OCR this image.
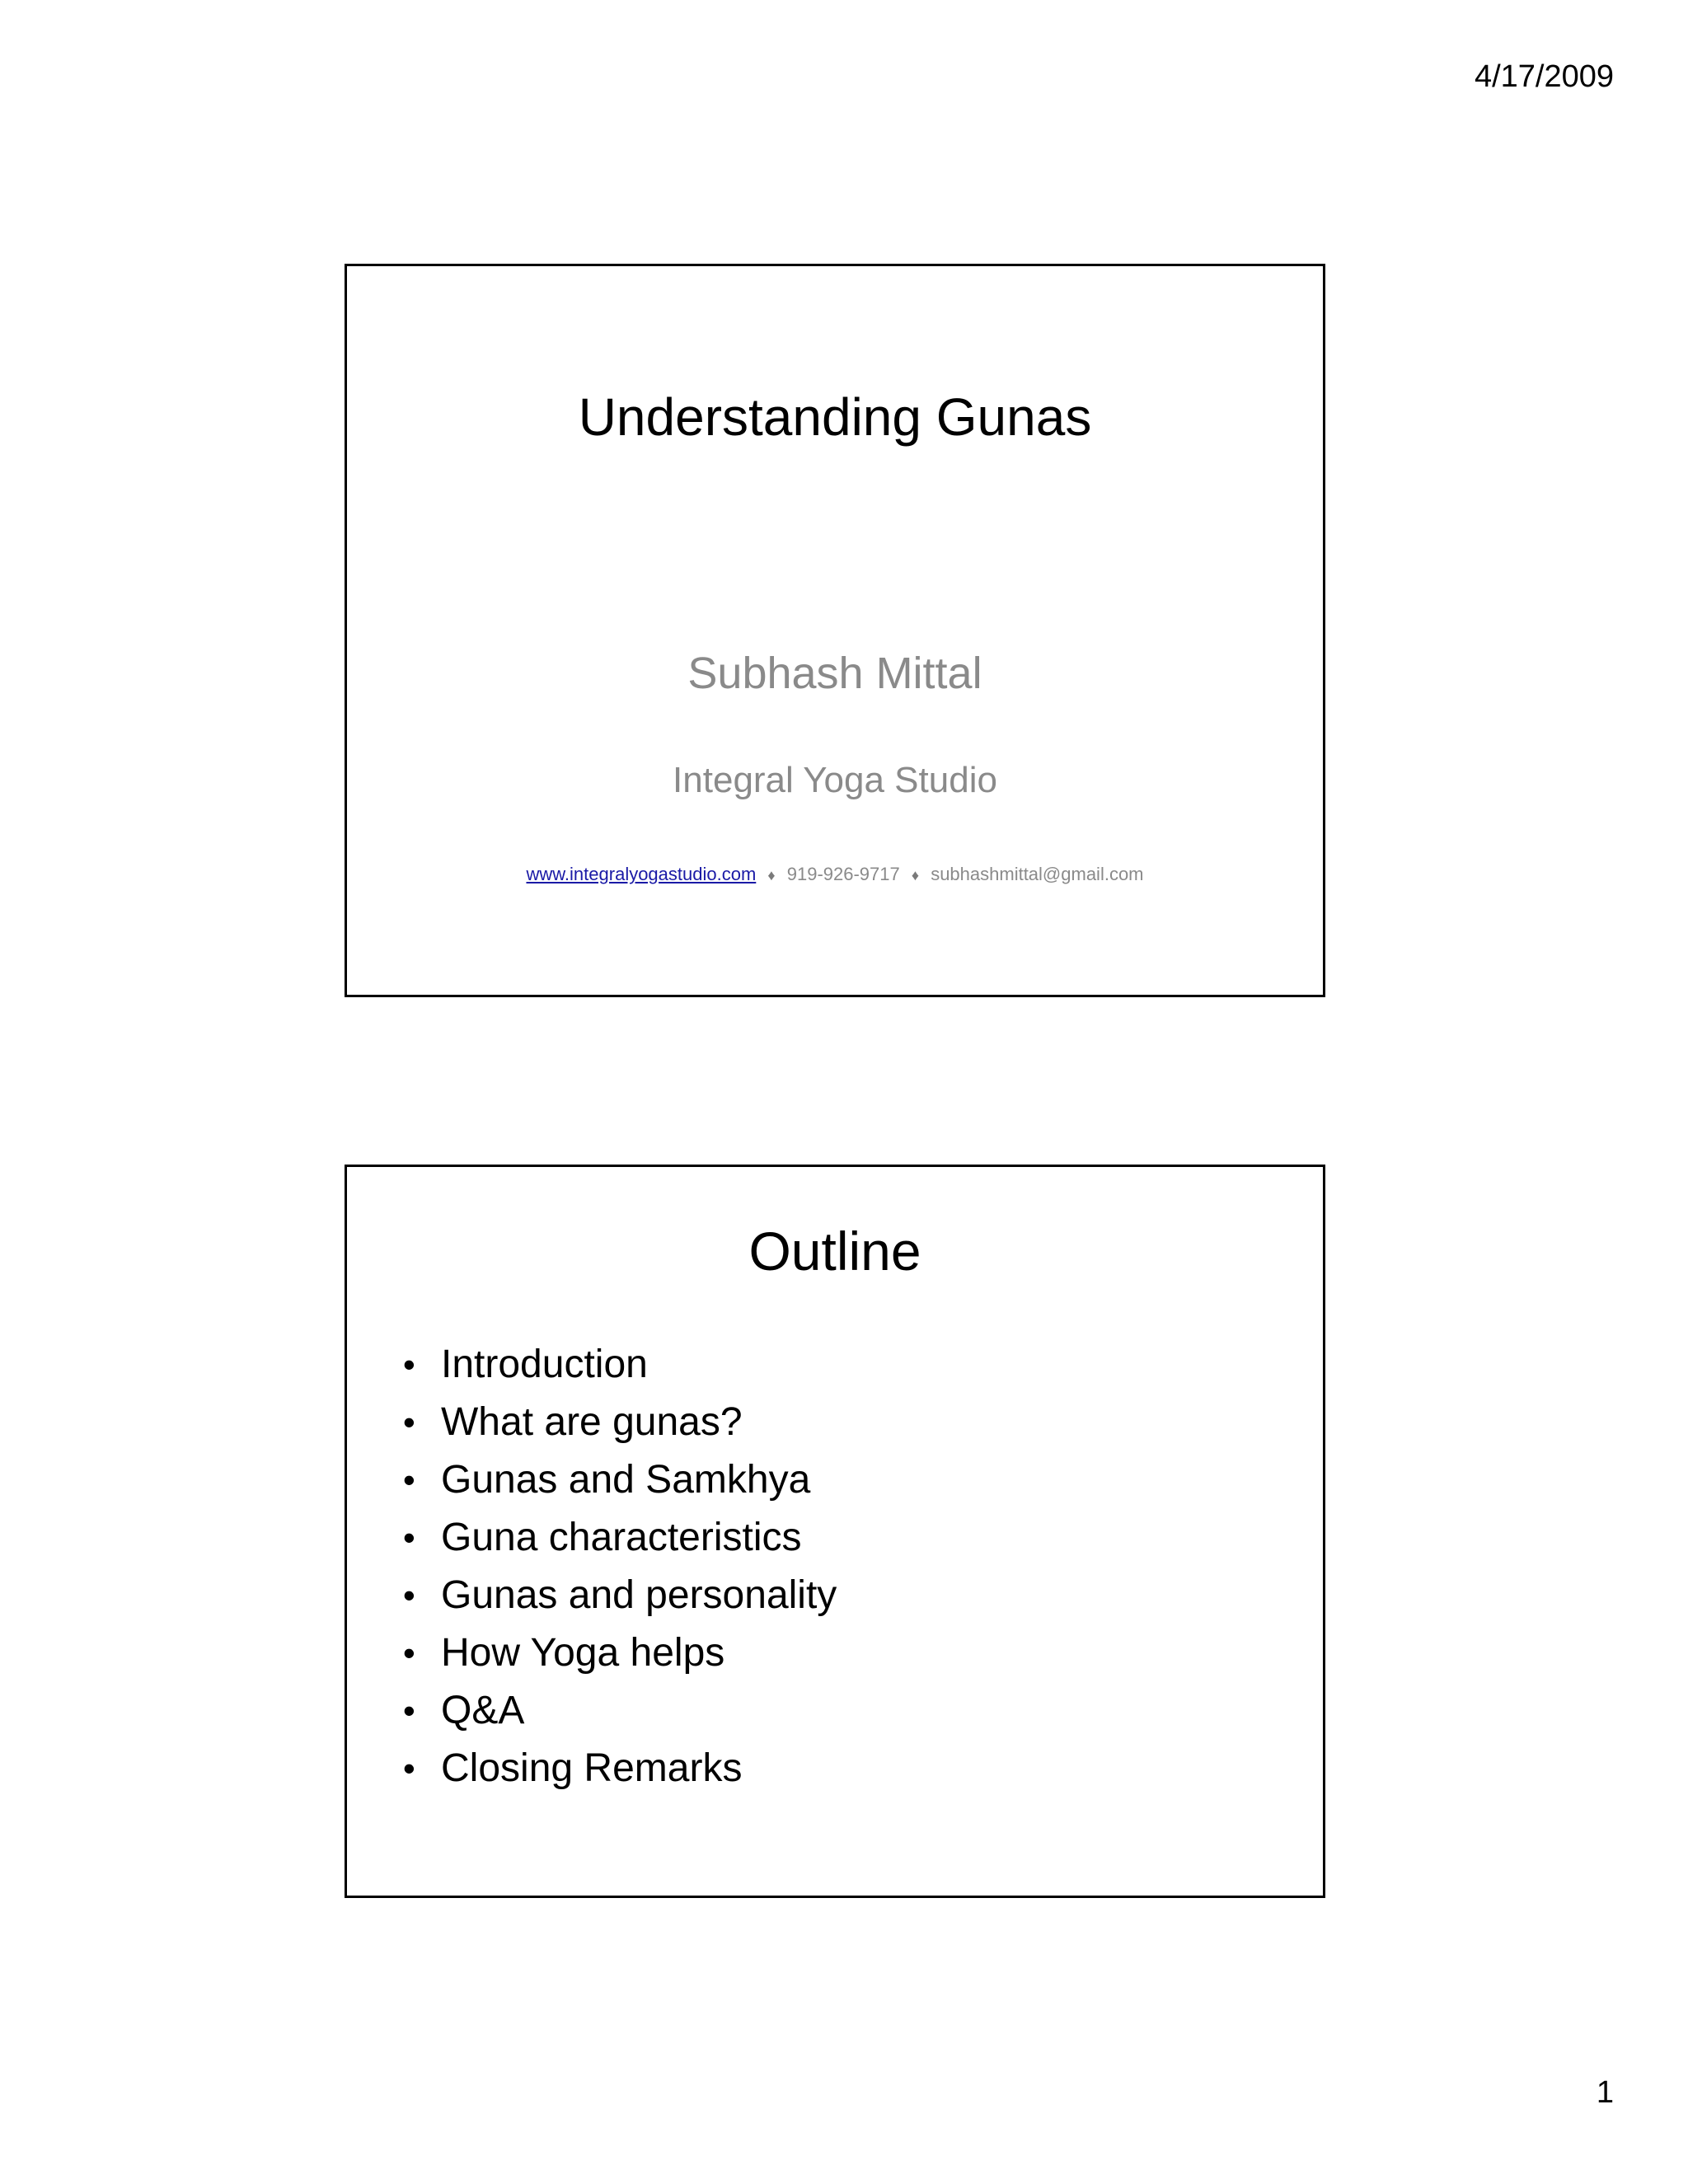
4/17/2009
Understanding Gunas
Subhash Mittal
Integral Yoga Studio
www.integralyogastudio.com ♦ 919-926-9717 ♦ subhashmittal@gmail.com
Outline
• Introduction
• What are gunas?
• Gunas and Samkhya
• Guna characteristics
• Gunas and personality
• How Yoga helps
• Q&A
• Closing Remarks
1
